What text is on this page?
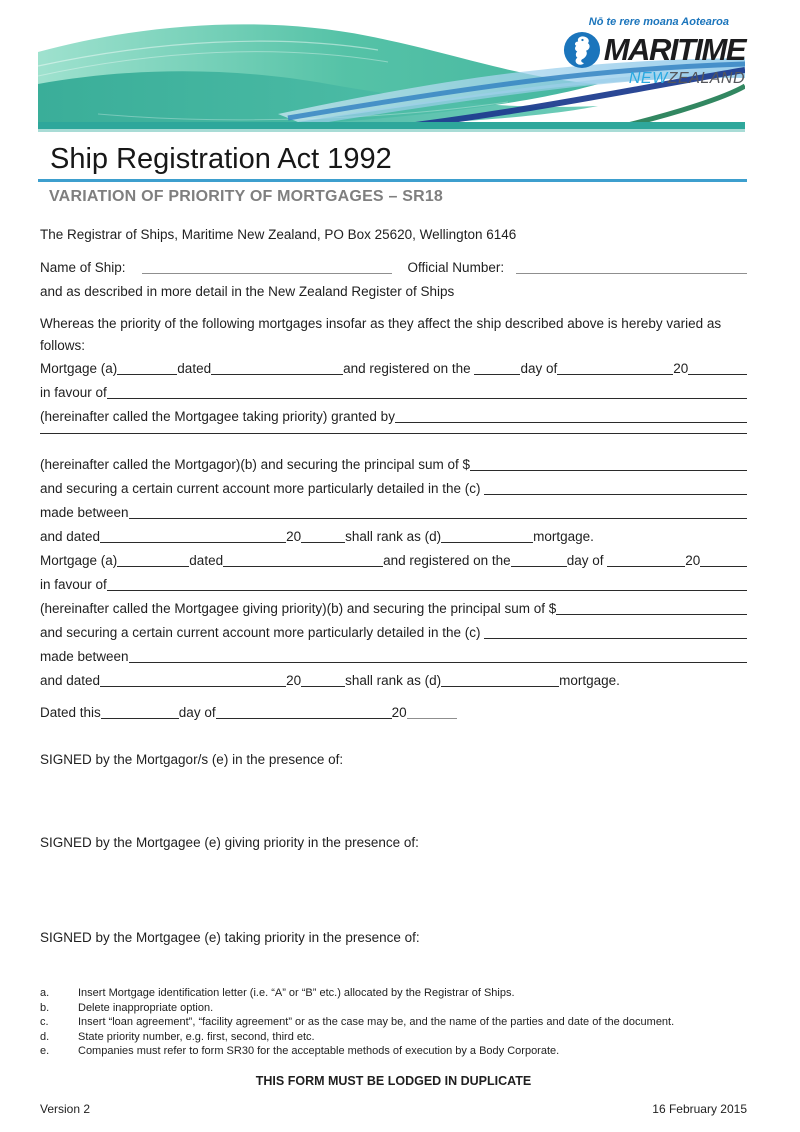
Nō te rere moana Aotearoa
MARITIME
NEWZEALAND
Ship Registration Act 1992
VARIATION OF PRIORITY OF MORTGAGES – SR18
The Registrar of Ships, Maritime New Zealand, PO Box 25620, Wellington 6146
Name of Ship:	Official Number:
and as described in more detail in the New Zealand Register of Ships
Whereas the priority of the following mortgages insofar as they affect the ship described above is hereby varied as follows:
Mortgage (a)	dated	and registered on the	day of	20
in favour of
(hereinafter called the Mortgagee taking priority) granted by
(hereinafter called the Mortgagor)(b) and securing the principal sum of $
and securing a certain current account more particularly detailed in the (c)
made between
and dated	20	shall rank as (d)	mortgage.
Mortgage (a)	dated	and registered on the	day of	20
in favour of
(hereinafter called the Mortgagee giving priority)(b) and securing the principal sum of $
and securing a certain current account more particularly detailed in the (c)
made between
and dated	20	shall rank as (d)	mortgage.
Dated this	day of	20
SIGNED by the Mortgagor/s (e) in the presence of:
SIGNED by the Mortgagee (e) giving priority in the presence of:
SIGNED by the Mortgagee (e) taking priority in the presence of:
a.	Insert Mortgage identification letter (i.e. “A” or “B” etc.) allocated by the Registrar of Ships.
b.	Delete inappropriate option.
c.	Insert “loan agreement”, “facility agreement” or as the case may be, and the name of the parties and date of the document.
d.	State priority number, e.g. first, second, third etc.
e.	Companies must refer to form SR30 for the acceptable methods of execution by a Body Corporate.
THIS FORM MUST BE LODGED IN DUPLICATE
Version 2	16 February 2015
